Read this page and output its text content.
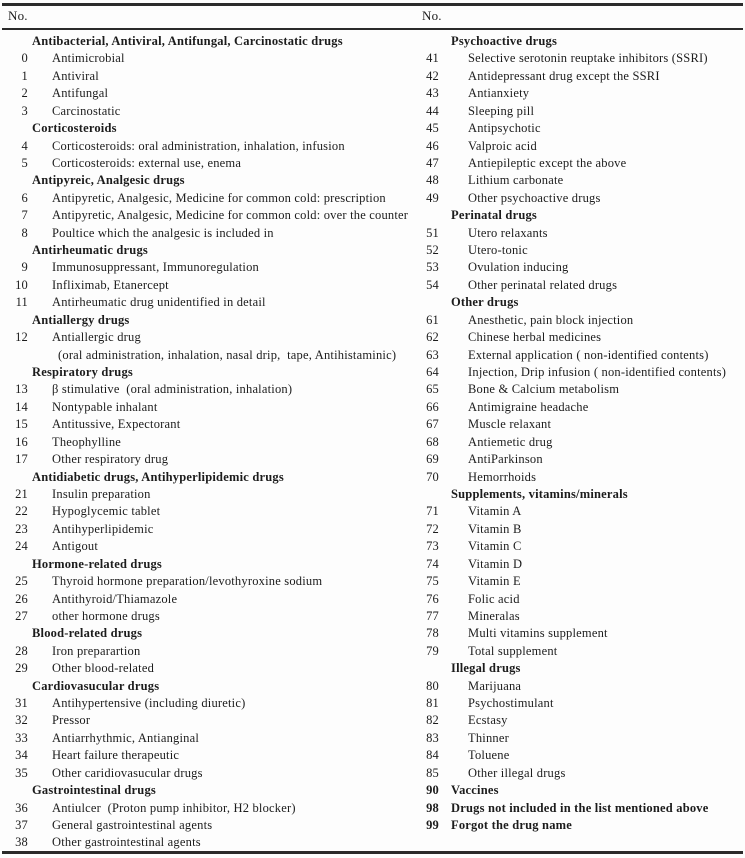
No.	No.
Antibacterial, Antiviral, Antifungal, Carcinostatic drugs
0 Antimicrobial
1 Antiviral
2 Antifungal
3 Carcinostatic
Corticosteroids
4 Corticosteroids: oral administration, inhalation, infusion
5 Corticosteroids: external use, enema
Antipyreic, Analgesic drugs
6 Antipyretic, Analgesic, Medicine for common cold: prescription
7 Antipyretic, Analgesic, Medicine for common cold: over the counter
8 Poultice which the analgesic is included in
Antirheumatic drugs
9 Immunosuppressant, Immunoregulation
10 Infliximab, Etanercept
11 Antirheumatic drug unidentified in detail
Antiallergy drugs
12 Antiallergic drug
(oral administration, inhalation, nasal drip,  tape, Antihistaminic)
Respiratory drugs
13 β stimulative  (oral administration, inhalation)
14 Nontypable inhalant
15 Antitussive, Expectorant
16 Theophylline
17 Other respiratory drug
Antidiabetic drugs, Antihyperlipidemic drugs
21 Insulin preparation
22 Hypoglycemic tablet
23 Antihyperlipidemic
24 Antigout
Hormone-related drugs
25 Thyroid hormone preparation/levothyroxine sodium
26 Antithyroid/Thiamazole
27 other hormone drugs
Blood-related drugs
28 Iron preparartion
29 Other blood-related
Cardiovasucular drugs
31 Antihypertensive (including diuretic)
32 Pressor
33 Antiarrhythmic, Antianginal
34 Heart failure therapeutic
35 Other caridiovasucular drugs
Gastrointestinal drugs
36 Antiulcer  (Proton pump inhibitor, H2 blocker)
37 General gastrointestinal agents
38 Other gastrointestinal agents
Psychoactive drugs
41 Selective serotonin reuptake inhibitors (SSRI)
42 Antidepressant drug except the SSRI
43 Antianxiety
44 Sleeping pill
45 Antipsychotic
46 Valproic acid
47 Antiepileptic except the above
48 Lithium carbonate
49 Other psychoactive drugs
Perinatal drugs
51 Utero relaxants
52 Utero-tonic
53 Ovulation inducing
54 Other perinatal related drugs
Other drugs
61 Anesthetic, pain block injection
62 Chinese herbal medicines
63 External application ( non-identified contents)
64 Injection, Drip infusion ( non-identified contents)
65 Bone & Calcium metabolism
66 Antimigraine headache
67 Muscle relaxant
68 Antiemetic drug
69 AntiParkinson
70 Hemorrhoids
Supplements, vitamins/minerals
71 Vitamin A
72 Vitamin B
73 Vitamin C
74 Vitamin D
75 Vitamin E
76 Folic acid
77 Mineralas
78 Multi vitamins supplement
79 Total supplement
Illegal drugs
80 Marijuana
81 Psychostimulant
82 Ecstasy
83 Thinner
84 Toluene
85 Other illegal drugs
90 Vaccines
98 Drugs not included in the list mentioned above
99 Forgot the drug name
